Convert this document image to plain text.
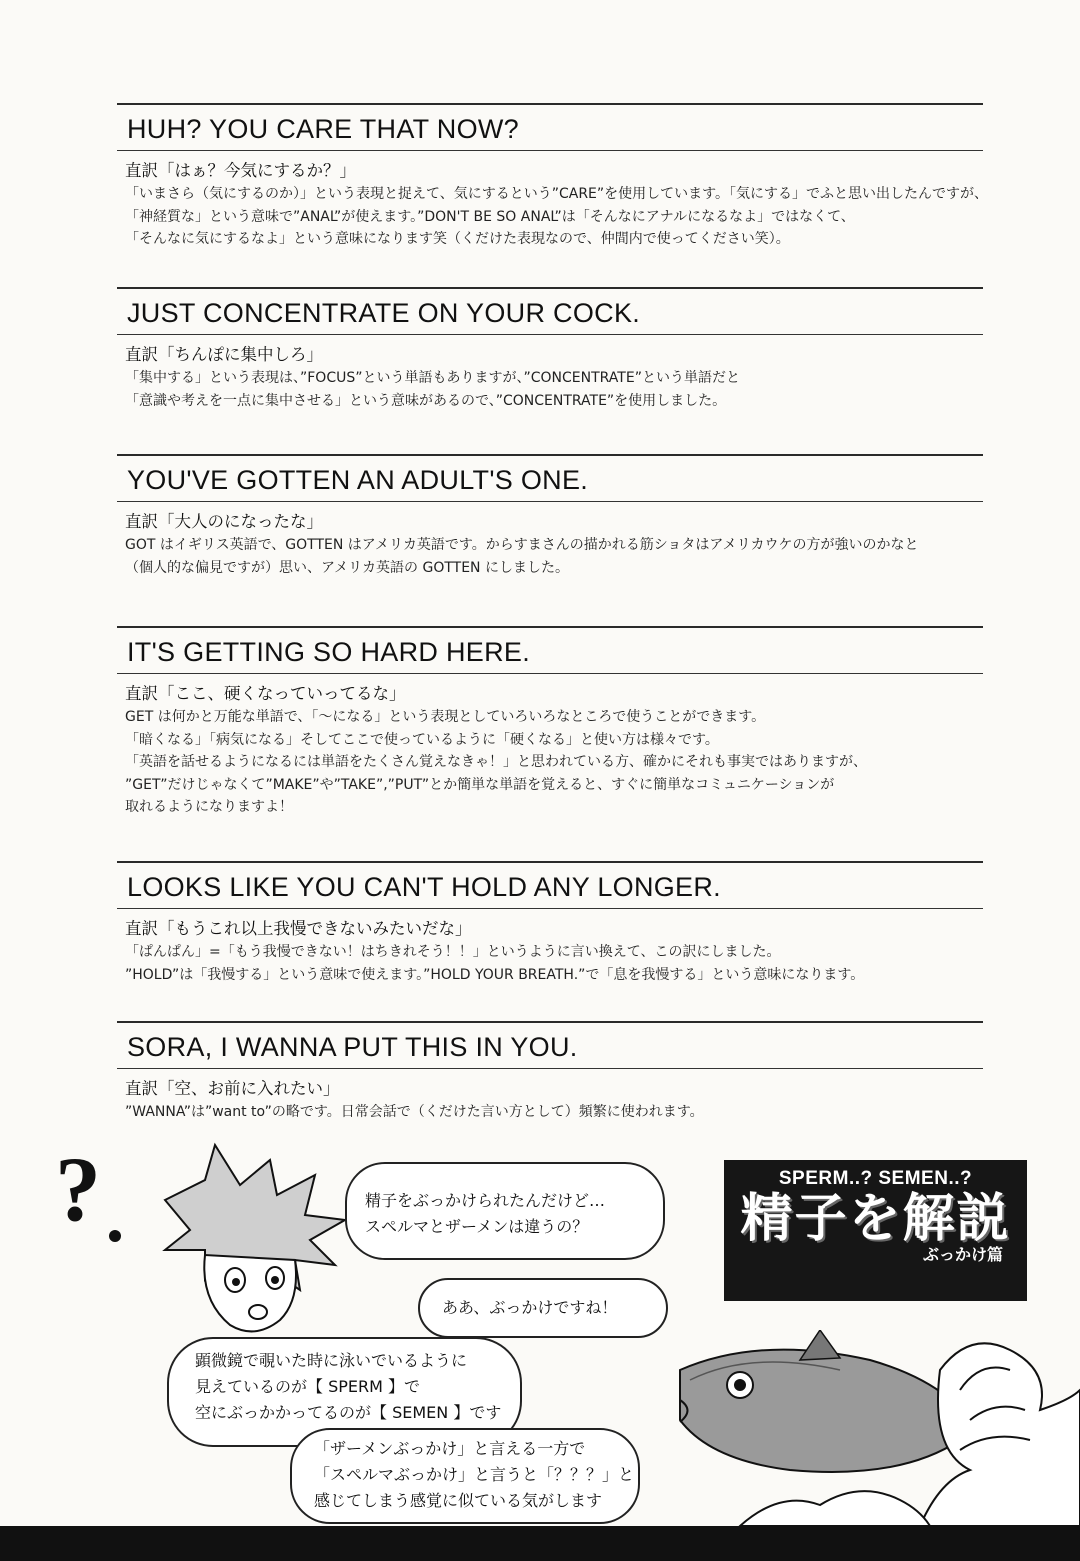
HUH? YOU CARE THAT NOW?
直訳「はぁ？今気にするか？」
「いまさら（気にするのか）」という表現と捉えて、気にするという”CARE”を使用しています。「気にする」でふと思い出したんですが、
「神経質な」という意味で”ANAL”が使えます。”DON'T BE SO ANAL”は「そんなにアナルになるなよ」ではなくて、
「そんなに気にするなよ」という意味になります笑（くだけた表現なので、仲間内で使ってください笑）。
JUST CONCENTRATE ON YOUR COCK.
直訳「ちんぽに集中しろ」
「集中する」という表現は、”FOCUS”という単語もありますが、”CONCENTRATE”という単語だと
「意識や考えを一点に集中させる」という意味があるので、”CONCENTRATE”を使用しました。
YOU'VE GOTTEN AN ADULT'S ONE.
直訳「大人のになったな」
GOT はイギリス英語で、GOTTEN はアメリカ英語です。からすまさんの描かれる筋ショタはアメリカウケの方が強いのかなと
（個人的な偏見ですが）思い、アメリカ英語の GOTTEN にしました。
IT'S GETTING SO HARD HERE.
直訳「ここ、硬くなっていってるな」
GET は何かと万能な単語で、「〜になる」という表現としていろいろなところで使うことができます。
「暗くなる」「病気になる」そしてここで使っているように「硬くなる」と使い方は様々です。
「英語を話せるようになるには単語をたくさん覚えなきゃ！」と思われている方、確かにそれも事実ではありますが、
”GET”だけじゃなくて”MAKE”や”TAKE”,”PUT”とか簡単な単語を覚えると、すぐに簡単なコミュニケーションが
取れるようになりますよ！
LOOKS LIKE YOU CAN'T HOLD ANY LONGER.
直訳「もうこれ以上我慢できないみたいだな」
「ぱんぱん」=「もう我慢できない！はちきれそう！！」というように言い換えて、この訳にしました。
”HOLD”は「我慢する」という意味で使えます。”HOLD YOUR BREATH.”で「息を我慢する」という意味になります。
SORA, I WANNA PUT THIS IN YOU.
直訳「空、お前に入れたい」
”WANNA”は”want to”の略です。日常会話で（くだけた言い方として）頻繁に使われます。
?	精子をぶっかけられたんだけど…
スペルマとザーメンは違うの？
ああ、ぶっかけですね！
顕微鏡で覗いた時に泳いでいるように
見えているのが【 SPERM 】で
空にぶっかかってるのが【 SEMEN 】です
「ザーメンぶっかけ」と言える一方で
「スペルマぶっかけ」と言うと「？？？」と
感じてしまう感覚に似ている気がします
SPERM..? SEMEN..?
精子を解説
ぶっかけ篇
